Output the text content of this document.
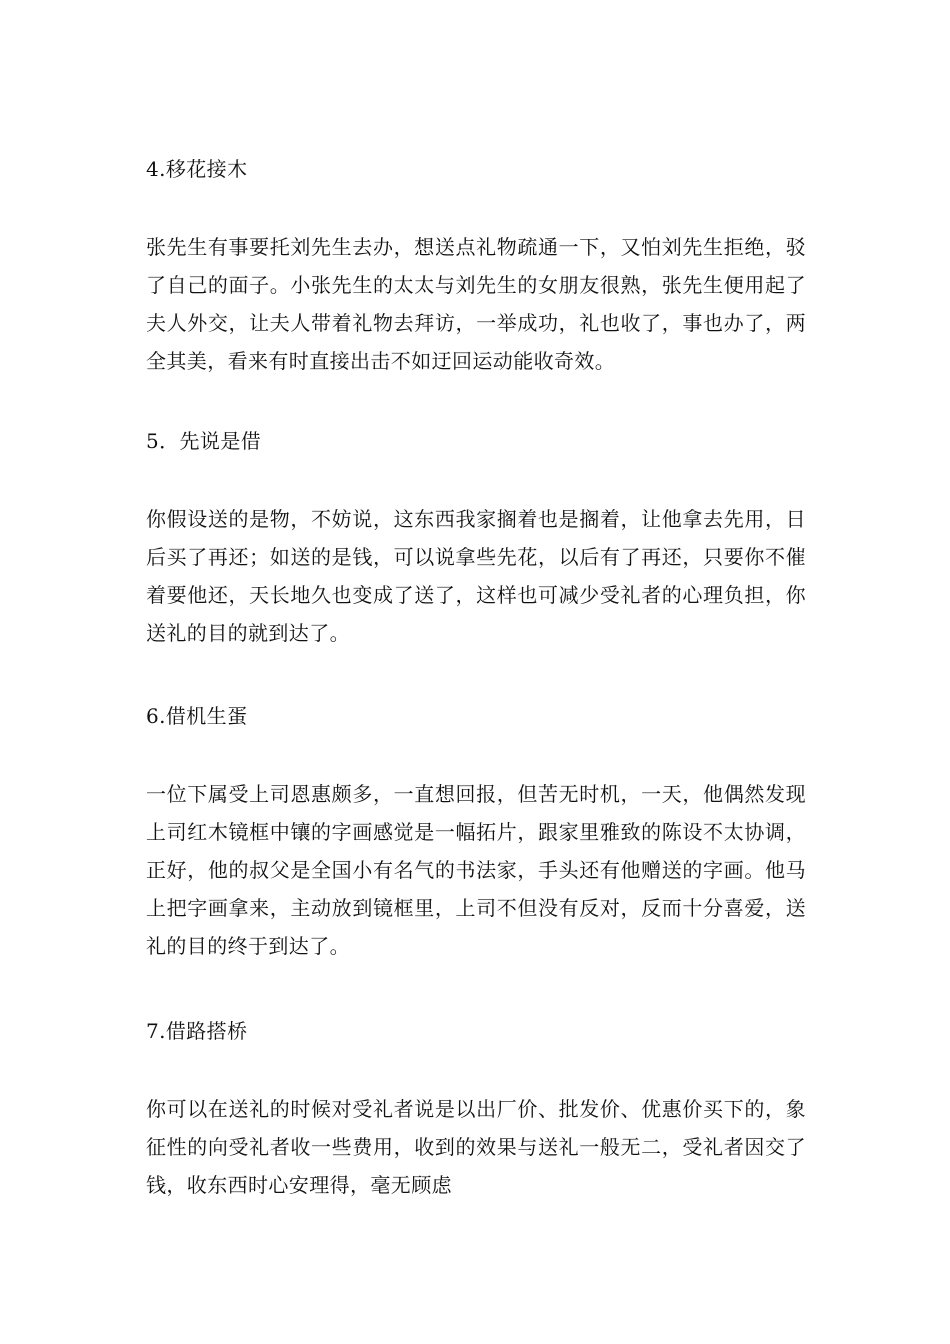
4.移花接木

张先生有事要托刘先生去办，想送点礼物疏通一下，又怕刘先生拒绝，驳了自己的面子。小张先生的太太与刘先生的女朋友很熟，张先生便用起了夫人外交，让夫人带着礼物去拜访，一举成功，礼也收了，事也办了，两全其美，看来有时直接出击不如迂回运动能收奇效。

5．先说是借

你假设送的是物，不妨说，这东西我家搁着也是搁着，让他拿去先用，日后买了再还；如送的是钱，可以说拿些先花，以后有了再还，只要你不催着要他还，天长地久也变成了送了，这样也可减少受礼者的心理负担，你送礼的目的就到达了。

6.借机生蛋

一位下属受上司恩惠颇多，一直想回报，但苦无时机，一天，他偶然发现上司红木镜框中镶的字画感觉是一幅拓片，跟家里雅致的陈设不太协调，正好，他的叔父是全国小有名气的书法家，手头还有他赠送的字画。他马上把字画拿来，主动放到镜框里，上司不但没有反对，反而十分喜爱，送礼的目的终于到达了。

7.借路搭桥

你可以在送礼的时候对受礼者说是以出厂价、批发价、优惠价买下的，象征性的向受礼者收一些费用，收到的效果与送礼一般无二，受礼者因交了钱，收东西时心安理得，毫无顾虑
